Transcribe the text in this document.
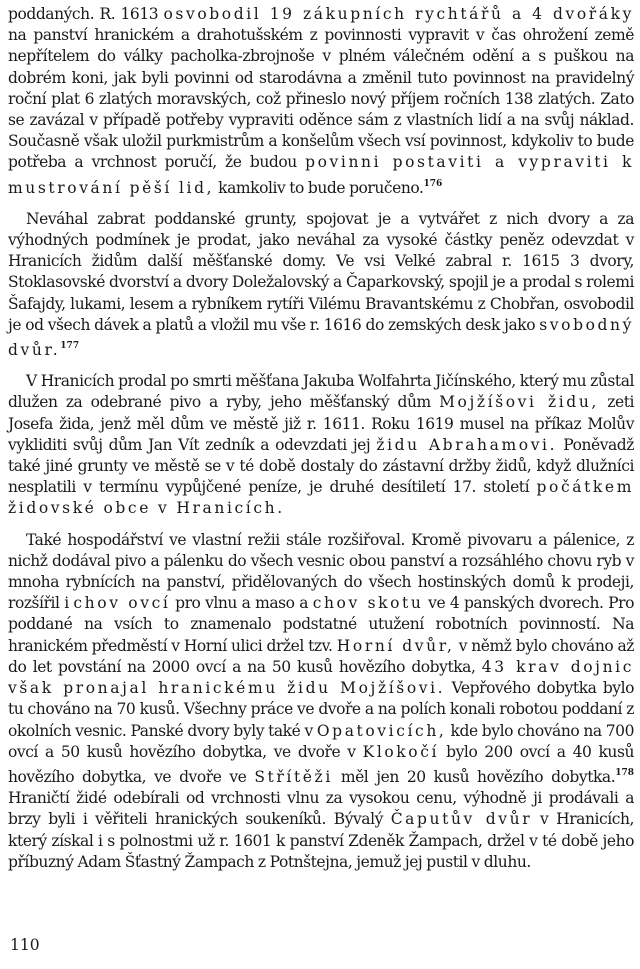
poddaných. R. 1613 osvobodil 19 zákupních rychtářů a 4 dvořáky na panství hranickém a drahotušském z povinnosti vypravit v čas ohrožení země nepřítelem do války pacholka-zbrojnoše v plném válečném odění a s puškou na dobrém koni, jak byli povinni od starodávna a změnil tuto povinnost na pravidelný roční plat 6 zlatých moravských, což přineslo nový příjem ročních 138 zlatých. Zato se zavázal v případě potřeby vypraviti oděnce sám z vlastních lidí a na svůj náklad. Současně však uložil purkmistrům a konšelům všech vsí povinnost, kdykoliv to bude potřeba a vrchnost poručí, že budou povinni postaviti a vypraviti k mustrování pěší lid, kamkoliv to bude poručeno.$^{176}$

Neváhal zabrat poddanské grunty, spojovat je a vytvářet z nich dvory a za výhodných podmínek je prodat, jako neváhal za vysoké částky peněz odevzdat v Hranicích židům další měšťanské domy. Ve vsi Velké zabral r. 1615 3 dvory, Stoklasovské dvorství a dvory Doležalovský a Čaparkovský, spojil je a prodal s rolemi Šafajdy, lukami, lesem a rybníkem rytíři Vilému Bravantskému z Chobřan, osvobodil je od všech dávek a platů a vložil mu vše r. 1616 do zemských desk jako svobodný dvůr.$^{177}$

V Hranicích prodal po smrti měšťana Jakuba Wolfahrta Jičínského, který mu zůstal dlužen za odebrané pivo a ryby, jeho měšťanský dům Mojžíšovi židu, zeti Josefa žida, jenž měl dům ve městě již r. 1611. Roku 1619 musel na příkaz Molův vykliditi svůj dům Jan Vít zedník a odevzdati jej židu Abrahamovi. Poněvadž také jiné grunty ve městě se v té době dostaly do zástavní držby židů, když dlužníci nesplatili v termínu vypůjčené peníze, je druhé desítiletí 17. století počátkem židovské obce v Hranicích.

Také hospodářství ve vlastní režii stále rozšiřoval. Kromě pivovaru a pálenice, z nichž dodával pivo a pálenku do všech vesnic obou panství a rozsáhlého chovu ryb v mnoha rybnících na panství, přidělovaných do všech hostinských domů k prodeji, rozšířil i chov ovcí pro vlnu a maso a chov skotu ve 4 panských dvorech. Pro poddané na vsích to znamenalo podstatné utužení robotních povinností. Na hranickém předměstí v Horní ulici držel tzv. Horní dvůr, v němž bylo chováno až do let povstání na 2000 ovcí a na 50 kusů hovězího dobytka, 43 krav dojnic však pronajal hranickému židu Mojžíšovi. Vepřového dobytka bylo tu chováno na 70 kusů. Všechny práce ve dvoře a na polích konali robotou poddaní z okolních vesnic. Panské dvory byly také v Opatovicích, kde bylo chováno na 700 ovcí a 50 kusů hovězího dobytka, ve dvoře v Klokočí bylo 200 ovcí a 40 kusů hovězího dobytka, ve dvoře ve Střítěži měl jen 20 kusů hovězího dobytka.$^{178}$ Hraničtí židé odebírali od vrchnosti vlnu za vysokou cenu, výhodně ji prodávali a brzy byli i věřiteli hranických soukeníků. Bývalý Čaputův dvůr v Hranicích, který získal i s polnostmi už r. 1601 k panství Zdeněk Žampach, držel v té době jeho příbuzný Adam Šťastný Žampach z Potnštejna, jemuž jej pustil v dluhu.

110
